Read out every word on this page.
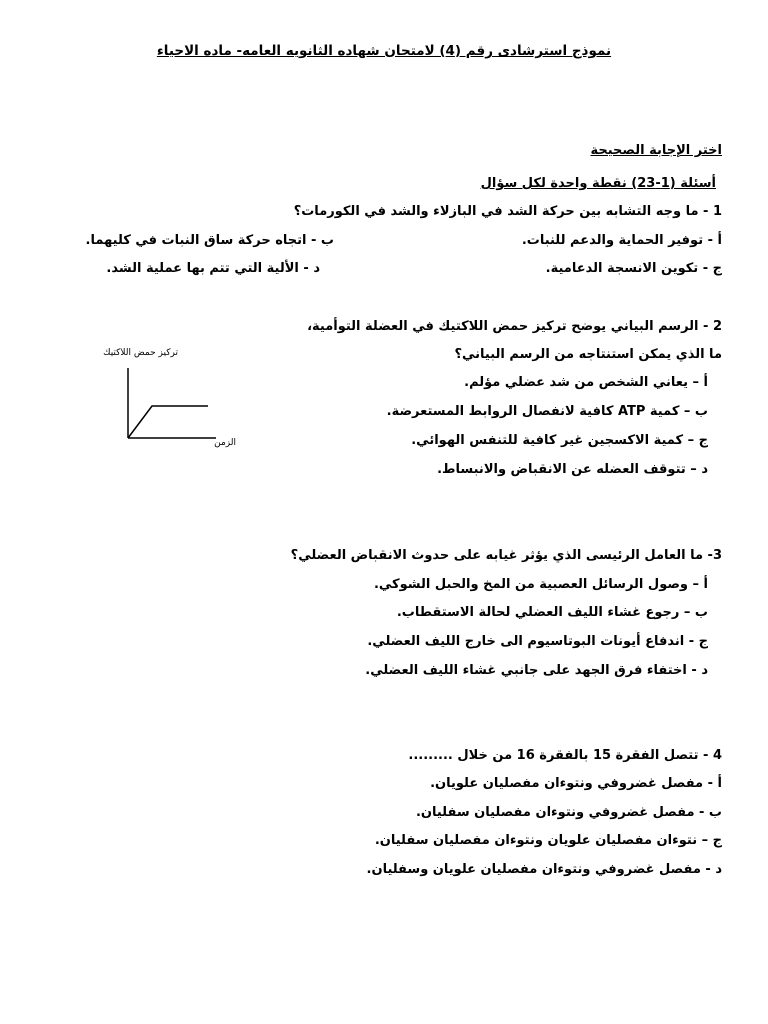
نموذج استرشادى رقم (4) لامتحان شهاده الثانويه العامه- ماده الاحياء
اختر الإجابة الصحيحة
أسئلة (1-23) نقطة واحدة لكل سؤال
1 - ما وجه التشابه بين حركة الشد في البازلاء والشد في الكورمات؟
أ - توفير الحماية والدعم للنبات.
ب - اتجاه حركة ساق النبات في كليهما.
ج - تكوين الانسجة الدعامية.
د - الألية التي تتم بها عملية الشد.
2 - الرسم البياني يوضح تركيز حمض اللاكتيك في العضلة التوأمية،
ما الذي يمكن استنتاجه من الرسم البياني؟
أ – يعاني الشخص من شد عضلي مؤلم.
ب – كمية ATP كافية لانفصال الروابط المستعرضة.
ج – كمية الاكسجين غير كافية للتنفس الهوائي.
د – تتوقف العضله عن الانقباض والانبساط.
تركيز حمض اللاكتيك
الزمن
3- ما العامل الرئيسى الذي يؤثر غيابه على حدوث الانقباض العضلي؟
أ – وصول الرسائل العصبية من المخ والحبل الشوكي.
ب – رجوع غشاء الليف العضلي لحالة الاستقطاب.
ج - اندفاع أيونات البوتاسيوم الى خارج الليف العضلي.
د - اختفاء فرق الجهد على جانبي غشاء الليف العضلي.
4 - تتصل الفقرة 15 بالفقرة 16 من خلال .........
أ - مفصل غضروفي ونتوءان مفصليان علويان.
ب - مفصل غضروفي ونتوءان مفصليان سفليان.
ج – نتوءان مفصليان علويان ونتوءان مفصليان سفليان.
د - مفصل غضروفي ونتوءان مفصليان علويان وسفليان.
